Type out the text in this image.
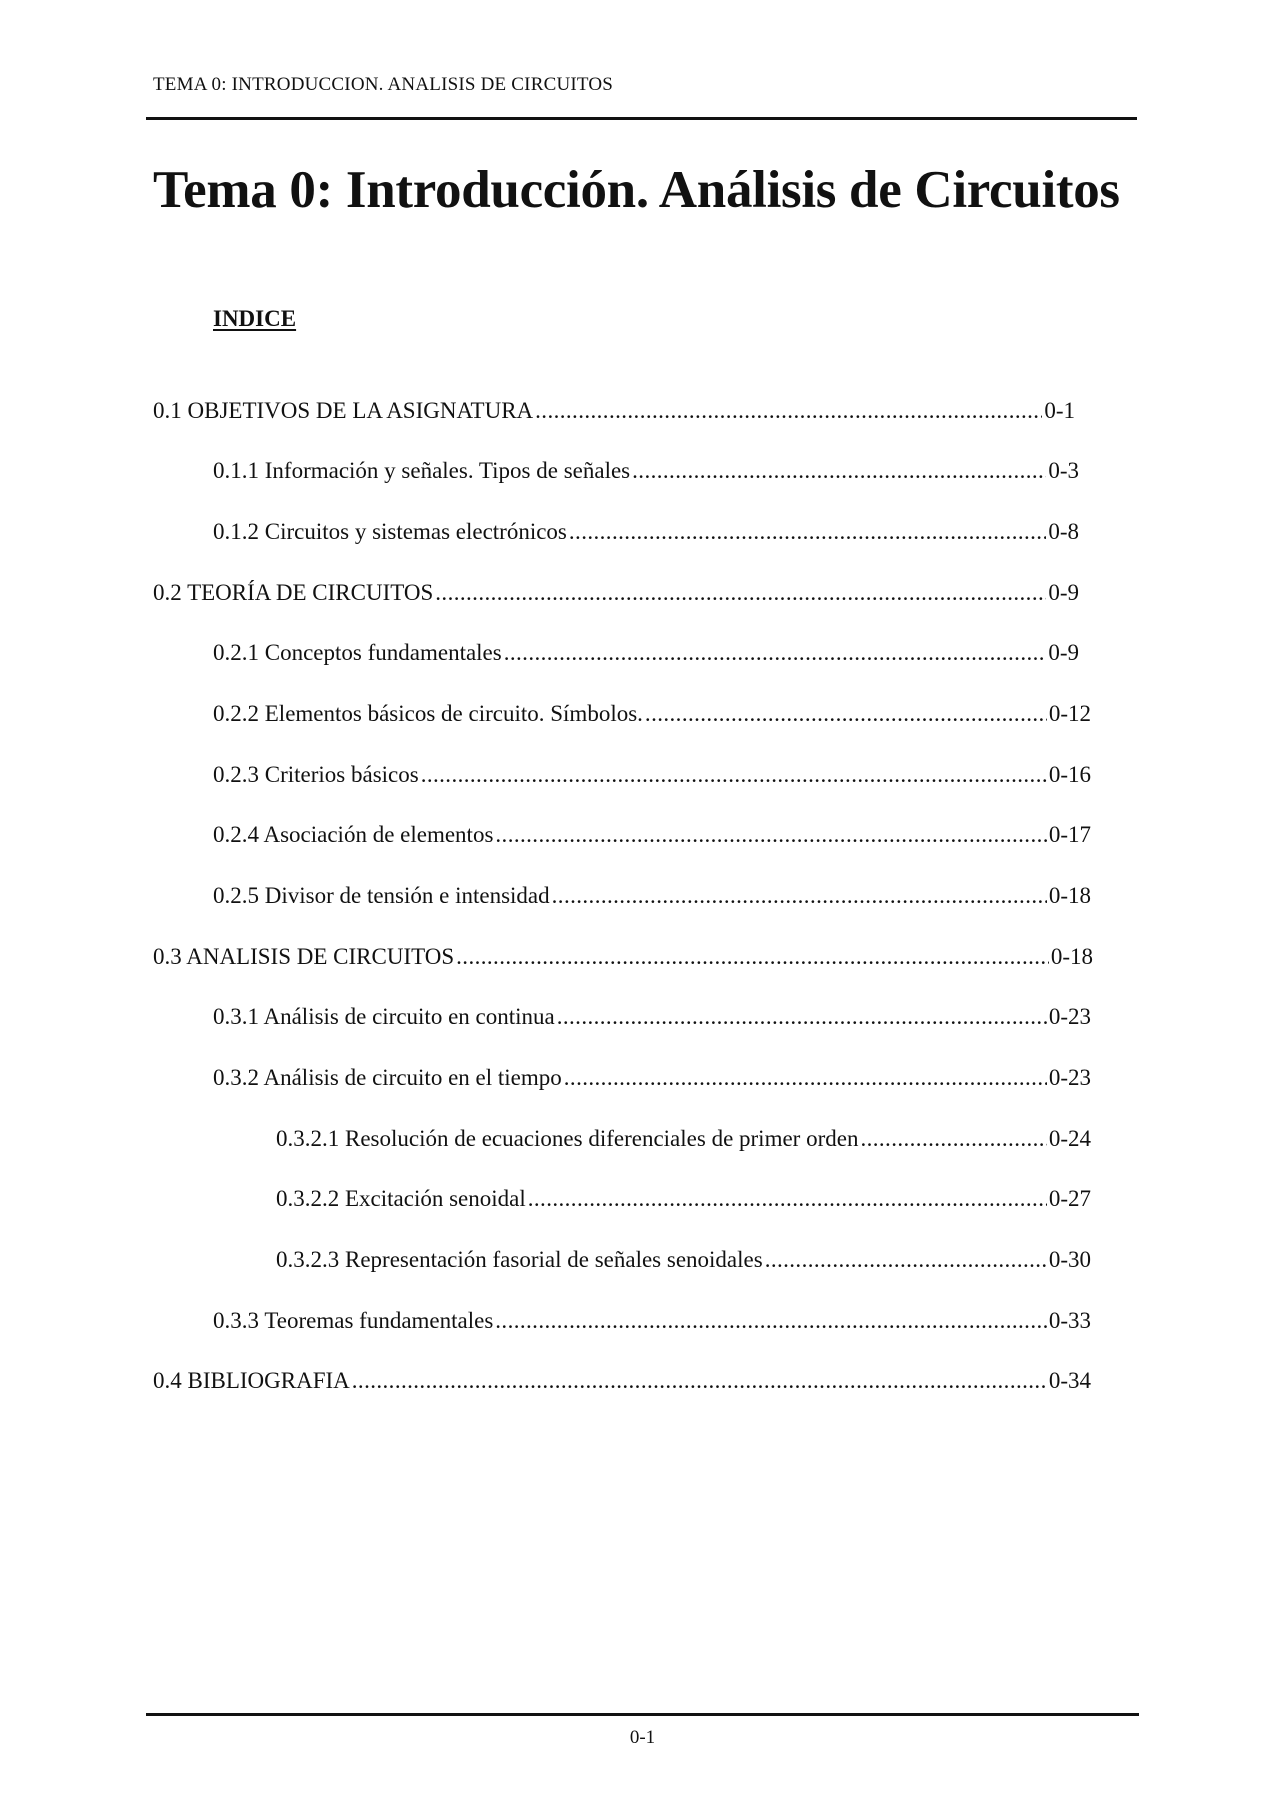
TEMA 0: INTRODUCCION. ANALISIS DE CIRCUITOS
Tema 0: Introducción. Análisis de Circuitos
INDICE
0.1 OBJETIVOS DE LA ASIGNATURA .....	0-1
0.1.1 Información y señales. Tipos de señales .....	0-3
0.1.2 Circuitos y sistemas electrónicos .....	0-8
0.2 TEORÍA DE CIRCUITOS .....	0-9
0.2.1 Conceptos fundamentales .....	0-9
0.2.2 Elementos básicos de circuito. Símbolos. .....	0-12
0.2.3 Criterios básicos .....	0-16
0.2.4 Asociación de elementos .....	0-17
0.2.5 Divisor de tensión e intensidad .....	0-18
0.3 ANALISIS DE CIRCUITOS .....	0-18
0.3.1 Análisis de circuito en continua .....	0-23
0.3.2 Análisis de circuito en el tiempo .....	0-23
0.3.2.1 Resolución de ecuaciones diferenciales de primer orden .....	0-24
0.3.2.2 Excitación senoidal .....	0-27
0.3.2.3 Representación fasorial de señales senoidales .....	0-30
0.3.3 Teoremas fundamentales .....	0-33
0.4 BIBLIOGRAFIA .....	0-34
0-1
